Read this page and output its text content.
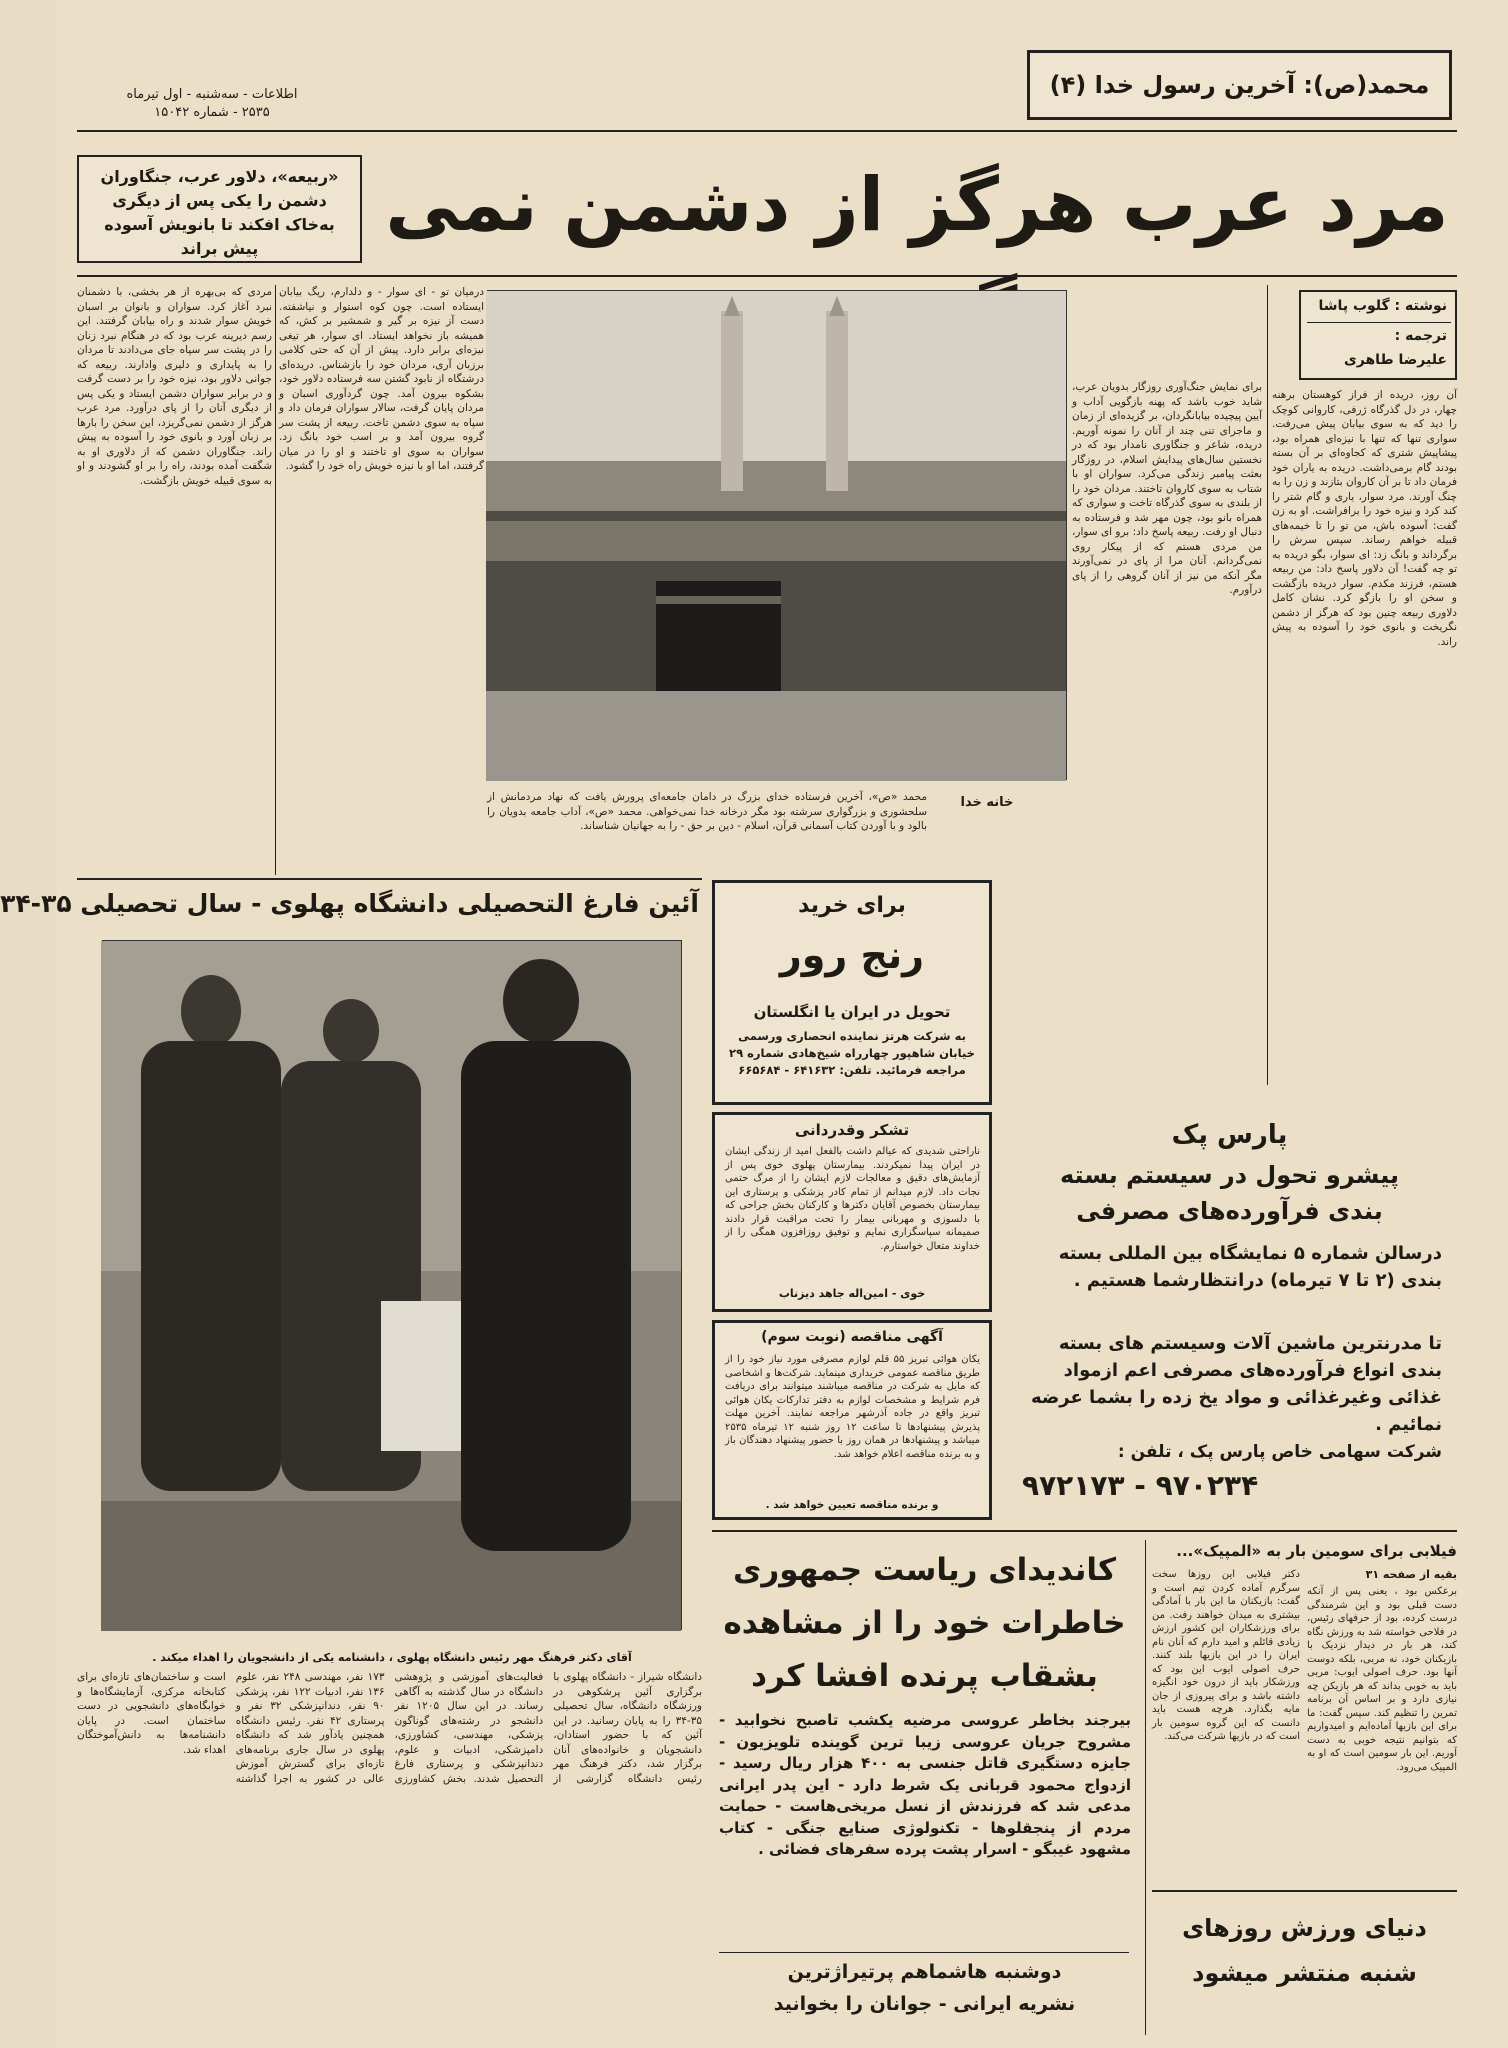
اطلاعات - سه‌شنبه - اول تیرماه
۲۵۳۵ - شماره ۱۵۰۴۲
محمد(ص): آخرین رسول خدا (۴)
مرد عرب هرگز از دشمن نمی
«ربیعه»، دلاور عرب، جنگاوران دشمن را یکی پس از دیگری به‌خاک افکند تا بانویش آسوده پیش براند
مردی که بی‌بهره از هر بخشی، با دشمنان نبرد آغاز کرد. سواران و بانوان بر اسبان خویش سوار شدند و راه بیابان گرفتند. این رسم دیرینه عرب بود که در هنگام نبرد زنان را در پشت سر سپاه جای می‌دادند تا مردان را به پایداری و دلیری وادارند. ربیعه که جوانی دلاور بود، نیزه خود را بر دست گرفت و در برابر سواران دشمن ایستاد و یکی پس از دیگری آنان را از پای درآورد. مرد عرب هرگز از دشمن نمی‌گریزد، این سخن را بارها بر زبان آورد و بانوی خود را آسوده به پیش راند. جنگاوران دشمن که از دلاوری او به شگفت آمده بودند، راه را بر او گشودند و او به سوی قبیله خویش بازگشت.
درمیان تو - ای سوار - و دلدارم، ریگ بیابان ایستاده است. چون کوه استوار و نیاشفته. دست آز نیزه بر گیر و شمشیر بر کش، که همیشه باز نخواهد ایستاد. ای سوار، هر تیغی نیزه‌ای برابر دارد. پیش از آن که حتی کلامی برزبان آری، مردان خود را بازشناس. دریده‌ای درشتگاه از نابود گشتن سه فرستاده دلاور خود، بشکوه بیرون آمد. چون گردآوری اسبان و مردان پایان گرفت، سالار سواران فرمان داد و سپاه به سوی دشمن تاخت. ربیعه از پشت سر گروه بیرون آمد و بر اسب خود بانگ زد. سواران به سوی او تاختند و او را در میان گرفتند، اما او با نیزه خویش راه خود را گشود.
خانه خدا
محمد «ص»، آخرین فرستاده خدای بزرگ در دامان جامعه‌ای پرورش یافت که نهاد مردمانش از سلحشوری و بزرگواری سرشته بود مگر درخانه خدا نمی‌خواهی. محمد «ص»، آداب جامعه بدویان را بالود و با آوردن کتاب آسمانی قرآن، اسلام - دین بر حق - را به جهانیان شناساند.
برای نمایش جنگ‌آوری روزگار بدویان عرب، شاید خوب باشد که پهنه بازگویی آداب و آیین پیچیده بیابانگردان، بر گزیده‌ای از زمان و ماجرای تنی چند از آنان را نمونه آوریم. دریده، شاعر و جنگاوری نامدار بود که در نخستین سال‌های پیدایش اسلام، در روزگار بعثت پیامبر زندگی می‌کرد. سواران او با شتاب به سوی کاروان تاختند. مردان خود را از بلندی به سوی گذرگاه تاخت و سواری که همراه بانو بود، چون مهر شد و فرستاده به دنبال او رفت. ربیعه پاسخ داد: برو ای سوار، من مردی هستم که از پیکار روی نمی‌گردانم. آنان مرا از پای در نمی‌آورند مگر آنکه من نیز از آنان گروهی را از پای درآورم.
نوشته : گلوب پاشا
ترجمه :
علیرضا طاهری
آن روز، دریده از فراز کوهستان برهنه چهار، در دل گذرگاه ژرفی، کاروانی کوچک را دید که به سوی بیابان پیش می‌رفت. سواری تنها که تنها با نیزه‌ای همراه بود، پیشاپیش شتری که کجاوه‌ای بر آن بسته بودند گام برمی‌داشت. دریده به یاران خود فرمان داد تا بر آن کاروان بتازند و زن را به چنگ آورند. مرد سوار، یاری و گام شتر را کند کرد و نیزه خود را برافراشت. او به زن گفت: آسوده باش، من تو را تا خیمه‌های قبیله خواهم رساند. سپس سرش را برگرداند و بانگ زد: ای سوار، بگو دریده به تو چه گفت! آن دلاور پاسخ داد: من ربیعه هستم، فرزند مکدم. سوار دریده بازگشت و سخن او را بازگو کرد. نشان کامل دلاوری ربیعه چنین بود که هرگز از دشمن نگریخت و بانوی خود را آسوده به پیش راند.
آئین فارغ التحصیلی دانشگاه پهلوی - سال تحصیلی ۳۵-۳۴
آقای دکتر فرهنگ مهر رئیس دانشگاه پهلوی ، دانشنامه یکی از دانشجویان را اهداء میکند .
دانشگاه شیراز - دانشگاه پهلوی با برگزاری آئین پرشکوهی در ورزشگاه دانشگاه، سال تحصیلی ۳۵-۳۴ را به پایان رسانید. در این آئین که با حضور استادان، دانشجویان و خانواده‌های آنان برگزار شد، دکتر فرهنگ مهر رئیس دانشگاه گزارشی از فعالیت‌های آموزشی و پژوهشی دانشگاه در سال گذشته به آگاهی رساند. در این سال ۱۲۰۵ نفر دانشجو در رشته‌های گوناگون پزشکی، مهندسی، کشاورزی، دامپزشکی، ادبیات و علوم، دندانپزشکی و پرستاری فارغ التحصیل شدند. بخش کشاورزی ۱۷۳ نفر، مهندسی ۲۴۸ نفر، علوم ۱۳۶ نفر، ادبیات ۱۲۲ نفر، پزشکی ۹۰ نفر، دندانپزشکی ۳۲ نفر و پرستاری ۴۲ نفر. رئیس دانشگاه همچنین یادآور شد که دانشگاه پهلوی در سال جاری برنامه‌های تازه‌ای برای گسترش آموزش عالی در کشور به اجرا گذاشته است و ساختمان‌های تازه‌ای برای کتابخانه مرکزی، آزمایشگاه‌ها و خوابگاه‌های دانشجویی در دست ساختمان است. در پایان دانشنامه‌ها به دانش‌آموختگان اهداء شد.
برای خرید
رنج رور
تحویل در ایران یا انگلستان
به شرکت هرتز نماینده انحصاری ورسمی خیابان شاهپور چهارراه شیخ‌هادی شماره ۲۹ مراجعه فرمائید. تلفن: ۶۴۱۶۳۲ - ۶۶۵۶۸۴
تشکر وقدردانی
ناراحتی شدیدی که عیالم داشت بالفعل امید از زندگی ایشان در ایران پیدا نمیکردند. بیمارستان پهلوی خوی پس از آزمایش‌های دقیق و معالجات لازم ایشان را از مرگ حتمی نجات داد. لازم میدانم از تمام کادر پزشکی و پرستاری این بیمارستان بخصوص آقایان دکترها و کارکنان بخش جراحی که با دلسوزی و مهربانی بیمار را تحت مراقبت قرار دادند صمیمانه سپاسگزاری نمایم و توفیق روزافزون همگی را از خداوند متعال خواستارم.
خوی - امین‌اله جاهد دیزناب
آگهی مناقصه (نوبت سوم)
یکان هوائی تبریز ۵۵ قلم لوازم مصرفی مورد نیاز خود را از طریق مناقصه عمومی خریداری مینماید. شرکت‌ها و اشخاصی که مایل به شرکت در مناقصه میباشند میتوانند برای دریافت فرم شرایط و مشخصات لوازم به دفتر تدارکات یکان هوائی تبریز واقع در جاده آذرشهر مراجعه نمایند. آخرین مهلت پذیرش پیشنهادها تا ساعت ۱۲ روز شنبه ۱۲ تیرماه ۲۵۳۵ میباشد و پیشنهادها در همان روز با حضور پیشنهاد دهندگان باز و به برنده مناقصه اعلام خواهد شد.
و برنده مناقصه تعیین خواهد شد .
پارس پک
پیشرو تحول در سیستم بسته
بندی فرآورده‌های مصرفی
درسالن شماره ۵ نمایشگاه بین المللی بسته بندی (۲ تا ۷ تیرماه) درانتظارشما هستیم .
تا مدرنترین ماشین آلات وسیستم های بسته بندی انواع فرآورده‌های مصرفی اعم ازمواد غذائی وغیرغذائی و مواد یخ زده را بشما عرضه نمائیم .
شرکت سهامی خاص پارس پک ، تلفن :
۹۷۰۲۳۴ - ۹۷۲۱۷۳
کاندیدای ریاست جمهوری
خاطرات خود را از مشاهده
بشقاب پرنده افشا کرد
بیرجند بخاطر عروسی مرضیه یکشب تاصبح نخوابید - مشروح جریان عروسی زیبا ترین گوینده تلویزیون - جایزه دستگیری قاتل جنسی به ۴۰۰ هزار ریال رسید - ازدواج محمود قربانی یک شرط دارد - این پدر ایرانی مدعی شد که فرزندش از نسل مریخی‌هاست - حمایت مردم از پنجقلوها - تکنولوژی صنایع جنگی - کتاب مشهود غیبگو - اسرار پشت پرده سفرهای فضائی .
دوشنبه هاشماهم پرتیراژترین
نشریه ایرانی - جوانان را بخوانید
فیلابی برای سومین بار به «المپیک»...
بقیه از صفحه ۳۱
برعکس بود ، یعنی پس از آنکه دست قبلی بود و این شرمندگی درست کرده، بود از حرفهای رئیس، در فلاحی خواسته شد به ورزش نگاه کند، هر بار در دیدار نزدیک با بازیکنان خود، نه مربی، بلکه دوست آنها بود. حرف اصولی ایوب: مربی باید به خوبی بداند که هر بازیکن چه نیازی دارد و بر اساس آن برنامه تمرین را تنظیم کند. سپس گفت: ما برای این بازیها آماده‌ایم و امیدواریم که بتوانیم نتیجه خوبی به دست آوریم. این بار سومین است که او به المپیک می‌رود.
دکتر فیلابی این روزها سخت سرگرم آماده کردن تیم است و گفت: بازیکنان ما این بار با آمادگی بیشتری به میدان خواهند رفت. من برای ورزشکاران این کشور ارزش زیادی قائلم و امید دارم که آنان نام ایران را در این بازیها بلند کنند. حرف اصولی ایوب این بود که ورزشکار باید از درون خود انگیزه داشته باشد و برای پیروزی از جان مایه بگذارد. هرچه هست باید دانست که این گروه سومین بار است که در بازیها شرکت می‌کند.
دنیای ورزش روزهای
شنبه منتشر میشود
